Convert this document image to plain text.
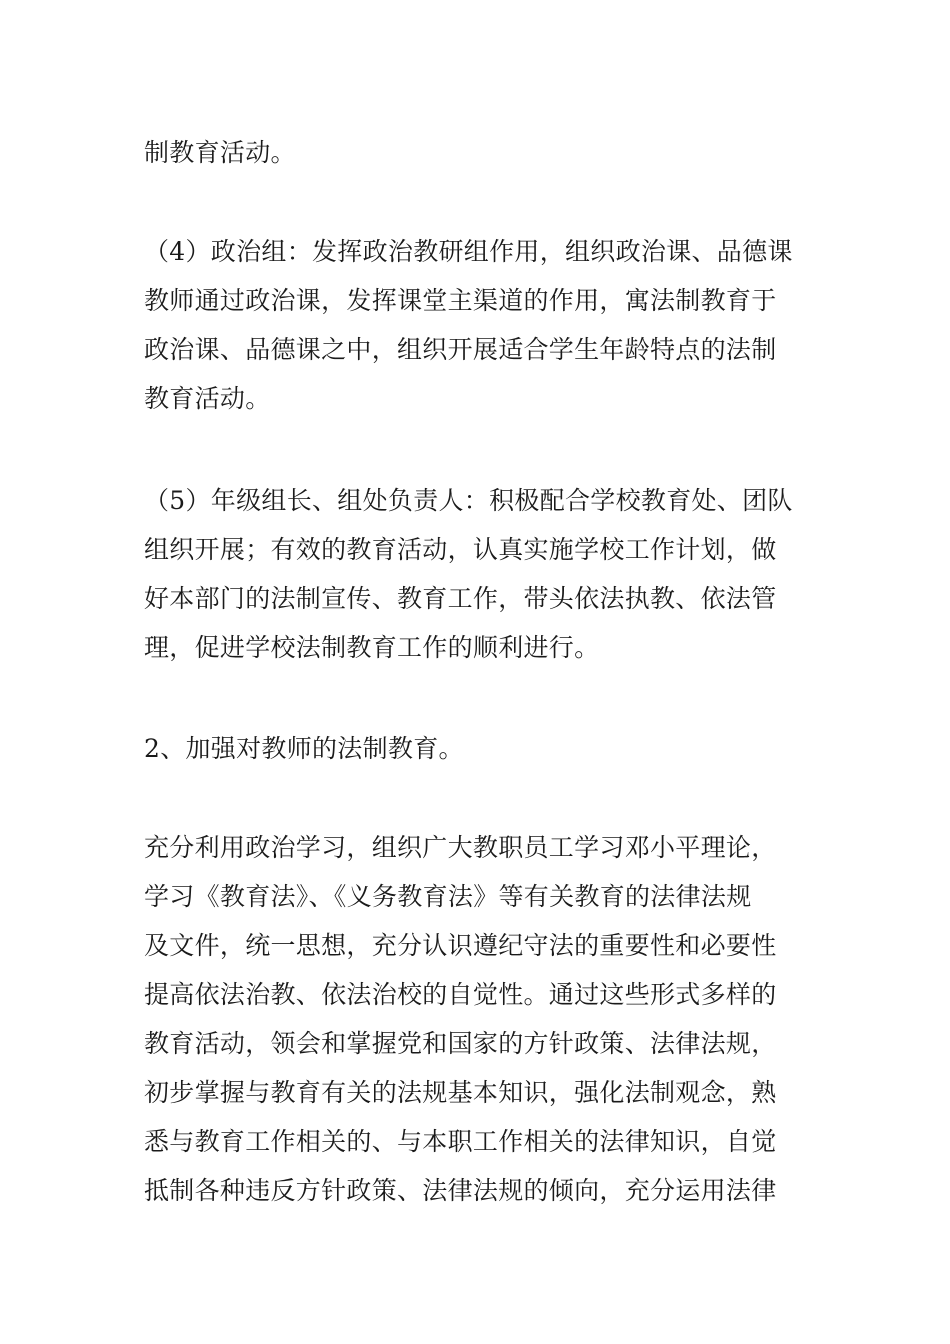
制教育活动。
（4）政治组：发挥政治教研组作用，组织政治课、品德课
教师通过政治课，发挥课堂主渠道的作用，寓法制教育于
政治课、品德课之中，组织开展适合学生年龄特点的法制
教育活动。
（5）年级组长、组处负责人：积极配合学校教育处、团队
组织开展；有效的教育活动，认真实施学校工作计划，做
好本部门的法制宣传、教育工作，带头依法执教、依法管
理，促进学校法制教育工作的顺利进行。
2、加强对教师的法制教育。
充分利用政治学习，组织广大教职员工学习邓小平理论，
学习《教育法》、《义务教育法》等有关教育的法律法规
及文件，统一思想，充分认识遵纪守法的重要性和必要性
提高依法治教、依法治校的自觉性。通过这些形式多样的
教育活动，领会和掌握党和国家的方针政策、法律法规，
初步掌握与教育有关的法规基本知识，强化法制观念，熟
悉与教育工作相关的、与本职工作相关的法律知识，自觉
抵制各种违反方针政策、法律法规的倾向，充分运用法律
